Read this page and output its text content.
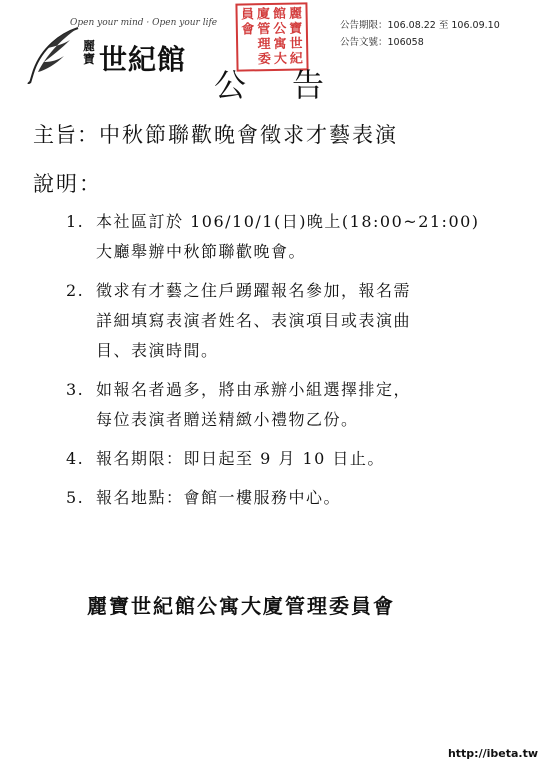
Open your mind · Open your life
麗寶 世紀館
麗
寶
世
紀
館
公
寓
大
廈
管
理
委
員
會	公告期限：106.08.22 至 106.09.10
公告文號：106058
公告
主旨：中秋節聯歡晚會徵求才藝表演
說明：
1. 本社區訂於 106/10/1(日)晚上(18:00~21:00)
大廳舉辦中秋節聯歡晚會。
2. 徵求有才藝之住戶踴躍報名參加，報名需
詳細填寫表演者姓名、表演項目或表演曲
目、表演時間。
3. 如報名者過多，將由承辦小組選擇排定，
每位表演者贈送精緻小禮物乙份。
4. 報名期限：即日起至 9 月 10 日止。
5. 報名地點：會館一樓服務中心。
麗寶世紀館公寓大廈管理委員會
http://ibeta.tw
